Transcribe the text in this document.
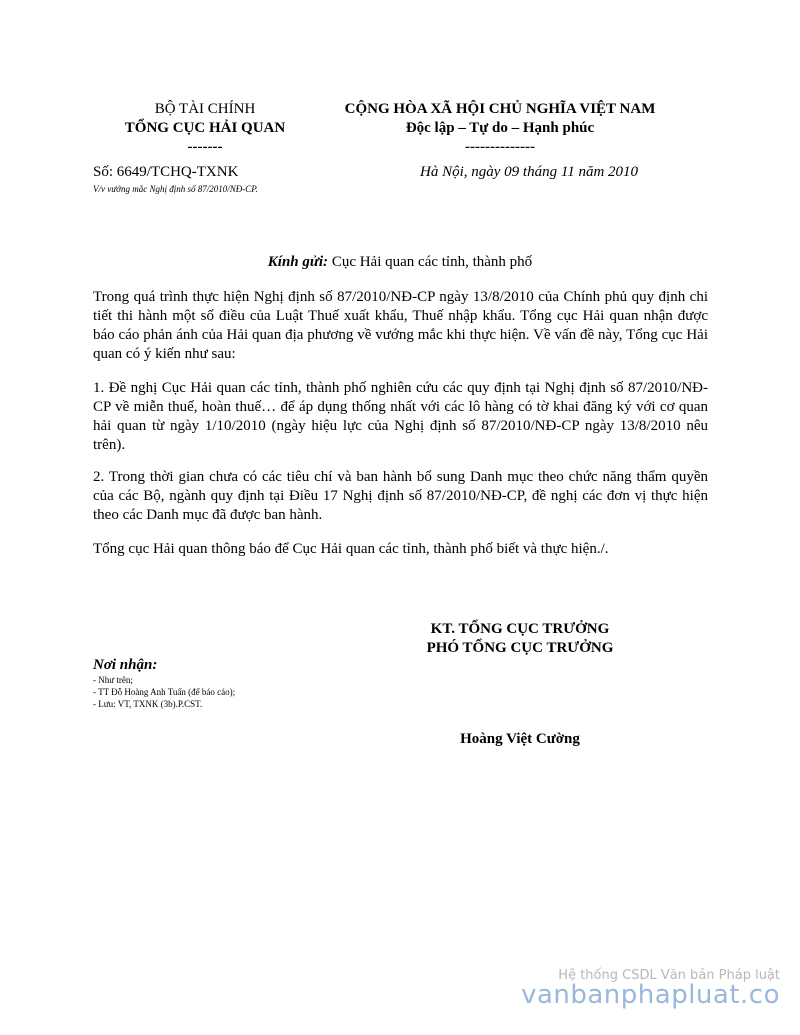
BỘ TÀI CHÍNH
TỔNG CỤC HẢI QUAN
-------
CỘNG HÒA XÃ HỘI CHỦ NGHĨA VIỆT NAM
Độc lập – Tự do – Hạnh phúc
--------------
Số: 6649/TCHQ-TXNK
V/v vướng mắc Nghị định số 87/2010/NĐ-CP.
Hà Nội, ngày 09 tháng 11 năm 2010
Kính gửi: Cục Hải quan các tỉnh, thành phố
Trong quá trình thực hiện Nghị định số 87/2010/NĐ-CP ngày 13/8/2010 của Chính phủ quy định chi tiết thi hành một số điều của Luật Thuế xuất khẩu, Thuế nhập khẩu. Tổng cục Hải quan nhận được báo cáo phản ánh của Hải quan địa phương về vướng mắc khi thực hiện. Về vấn đề này, Tổng cục Hải quan có ý kiến như sau:
1. Đề nghị Cục Hải quan các tỉnh, thành phố nghiên cứu các quy định tại Nghị định số 87/2010/NĐ-CP về miễn thuế, hoàn thuế… để áp dụng thống nhất với các lô hàng có tờ khai đăng ký với cơ quan hải quan từ ngày 1/10/2010 (ngày hiệu lực của Nghị định số 87/2010/NĐ-CP ngày 13/8/2010 nêu trên).
2. Trong thời gian chưa có các tiêu chí và ban hành bổ sung Danh mục theo chức năng thẩm quyền của các Bộ, ngành quy định tại Điều 17 Nghị định số 87/2010/NĐ-CP, đề nghị các đơn vị thực hiện theo các Danh mục đã được ban hành.
Tổng cục Hải quan thông báo để Cục Hải quan các tỉnh, thành phố biết và thực hiện./.
KT. TỔNG CỤC TRƯỞNG
PHÓ TỔNG CỤC TRƯỞNG
Hoàng Việt Cường
Nơi nhận:
- Như trên;
- TT Đỗ Hoàng Anh Tuấn (để báo cáo);
- Lưu: VT, TXNK (3b).P.CST.
Hệ thống CSDL Văn bản Pháp luật
vanbanphapluat.co
